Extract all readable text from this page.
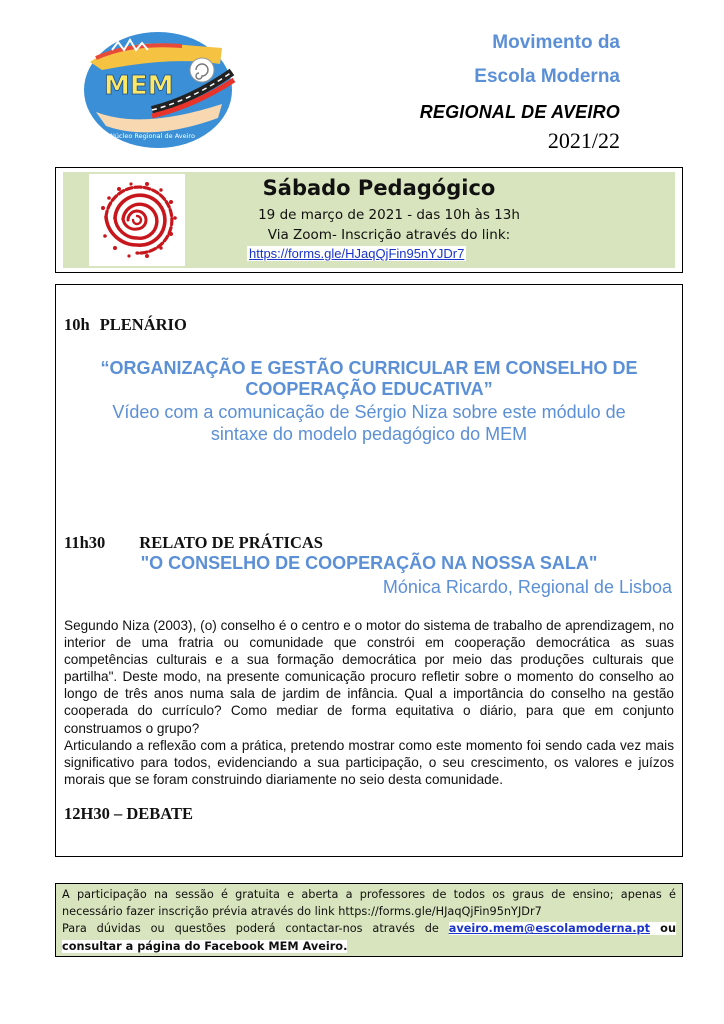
MEM
Núcleo Regional de Aveiro
Movimento da
Escola Moderna
REGIONAL DE AVEIRO
2021/22
Sábado Pedagógico
19 de março de 2021 - das 10h às 13h
Via Zoom- Inscrição através do link:
https://forms.gle/HJaqQjFin95nYJDr7
10h PLENÁRIO
“ORGANIZAÇÃO E GESTÃO CURRICULAR EM CONSELHO DE COOPERAÇÃO EDUCATIVA”
Vídeo com a comunicação de Sérgio Niza sobre este módulo de sintaxe do modelo pedagógico do MEM
11h30 RELATO DE PRÁTICAS
"O CONSELHO DE COOPERAÇÃO NA NOSSA SALA"
Mónica Ricardo, Regional de Lisboa

Segundo Niza (2003), (o) conselho é o centro e o motor do sistema de trabalho de aprendizagem, no interior de uma fratria ou comunidade que constrói em cooperação democrática as suas competências culturais e a sua formação democrática por meio das produções culturais que partilha". Deste modo, na presente comunicação procuro refletir sobre o momento do conselho ao longo de três anos numa sala de jardim de infância. Qual a importância do conselho na gestão cooperada do currículo? Como mediar de forma equitativa o diário, para que em conjunto construamos o grupo?

Articulando a reflexão com a prática, pretendo mostrar como este momento foi sendo cada vez mais significativo para todos, evidenciando a sua participação, o seu crescimento, os valores e juízos morais que se foram construindo diariamente no seio desta comunidade.

12H30 – DEBATE
A participação na sessão é gratuita e aberta a professores de todos os graus de ensino; apenas é necessário fazer inscrição prévia através do link https://forms.gle/HJaqQjFin95nYJDr7
Para dúvidas ou questões poderá contactar-nos através de aveiro.mem@escolamoderna.pt ou consultar a página do Facebook MEM Aveiro.
